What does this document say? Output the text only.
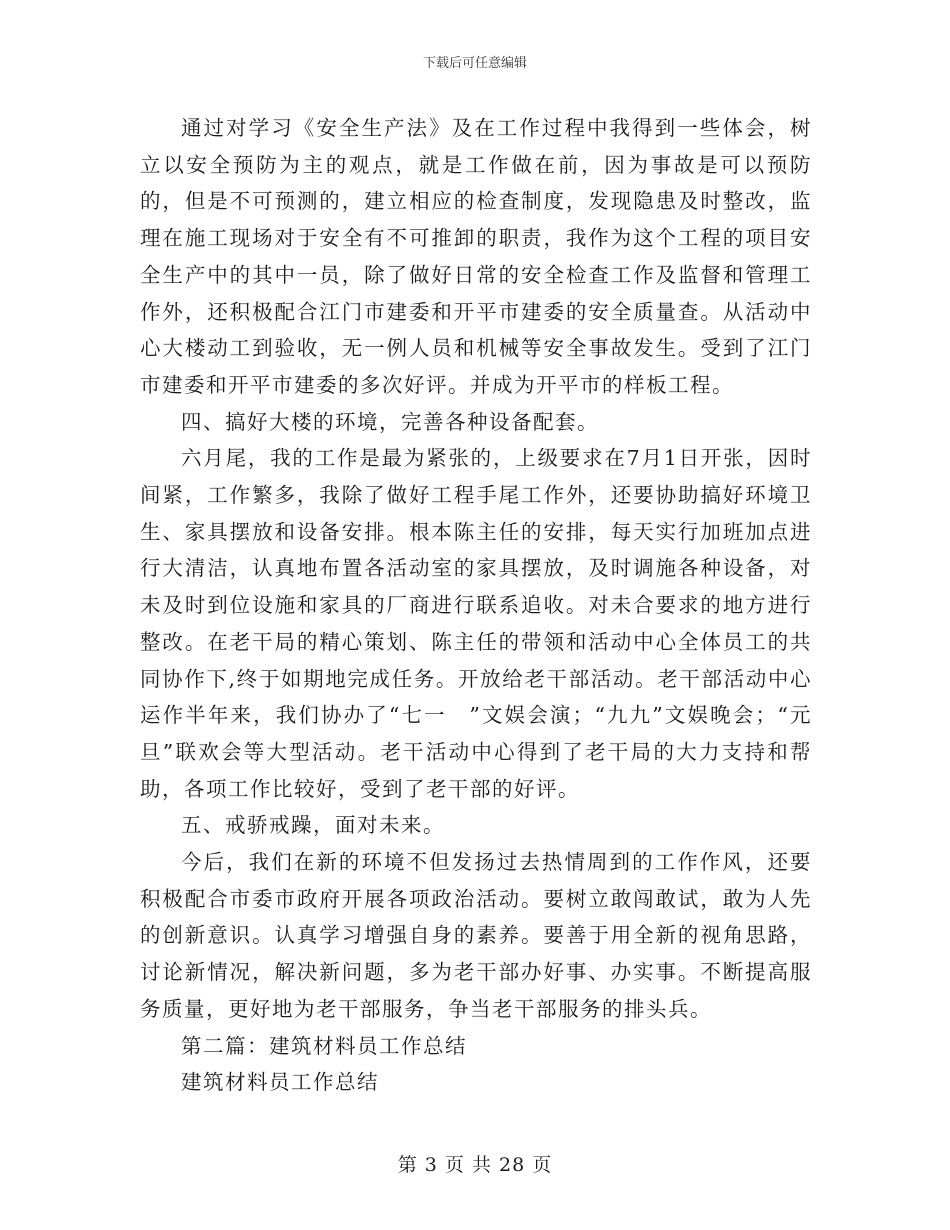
下载后可任意编辑

通过对学习《安全生产法》及在工作过程中我得到一些体会，树立以安全预防为主的观点，就是工作做在前，因为事故是可以预防的，但是不可预测的，建立相应的检查制度，发现隐患及时整改，监理在施工现场对于安全有不可推卸的职责，我作为这个工程的项目安全生产中的其中一员，除了做好日常的安全检查工作及监督和管理工作外，还积极配合江门市建委和开平市建委的安全质量查。从活动中心大楼动工到验收，无一例人员和机械等安全事故发生。受到了江门市建委和开平市建委的多次好评。并成为开平市的样板工程。

四、搞好大楼的环境，完善各种设备配套。

六月尾，我的工作是最为紧张的，上级要求在7月1日开张，因时间紧，工作繁多，我除了做好工程手尾工作外，还要协助搞好环境卫生、家具摆放和设备安排。根本陈主任的安排，每天实行加班加点进行大清洁，认真地布置各活动室的家具摆放，及时调施各种设备，对未及时到位设施和家具的厂商进行联系追收。对未合要求的地方进行整改。在老干局的精心策划、陈主任的带领和活动中心全体员工的共同协作下,终于如期地完成任务。开放给老干部活动。老干部活动中心运作半年来，我们协办了“七一　”文娱会演；“九九”文娱晚会；“元旦”联欢会等大型活动。老干活动中心得到了老干局的大力支持和帮助，各项工作比较好，受到了老干部的好评。

五、戒骄戒躁，面对未来。

今后，我们在新的环境不但发扬过去热情周到的工作作风，还要积极配合市委市政府开展各项政治活动。要树立敢闯敢试，敢为人先的创新意识。认真学习增强自身的素养。要善于用全新的视角思路，讨论新情况，解决新问题，多为老干部办好事、办实事。不断提高服务质量，更好地为老干部服务，争当老干部服务的排头兵。

第二篇：建筑材料员工作总结

建筑材料员工作总结

第 3 页 共 28 页
